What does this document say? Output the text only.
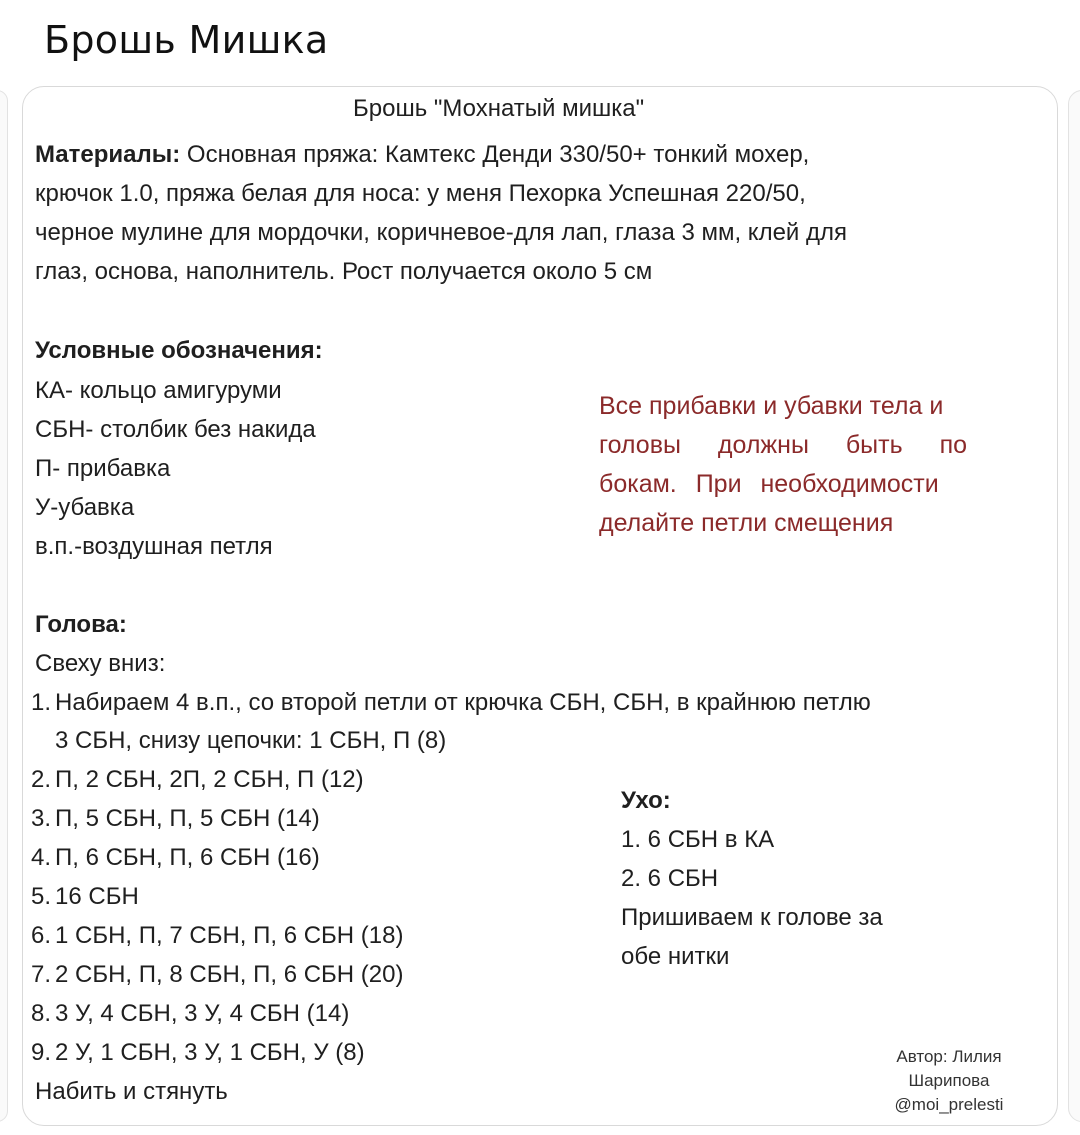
Брошь Мишка
Брошь "Мохнатый мишка"
Материалы: Основная пряжа: Камтекс Денди 330/50+ тонкий мохер,
крючок 1.0, пряжа белая для носа: у меня Пехорка Успешная 220/50,
черное мулине для мордочки, коричневое-для лап, глаза 3 мм, клей для
глаз, основа, наполнитель. Рост получается около 5 см
Условные обозначения:
КА- кольцо амигуруми
СБН- столбик без накида
П- прибавка
У-убавка
в.п.-воздушная петля
Все прибавки и убавки тела и
головы должны быть по
бокам. При необходимости
делайте петли смещения
Голова:
Свеху вниз:
1. Набираем 4 в.п., со второй петли от крючка СБН, СБН, в крайнюю петлю
3 СБН, снизу цепочки: 1 СБН, П (8)
2. П, 2 СБН, 2П, 2 СБН, П (12)
3. П, 5 СБН, П, 5 СБН (14)
4. П, 6 СБН, П, 6 СБН (16)
5. 16 СБН
6. 1 СБН, П, 7 СБН, П, 6 СБН (18)
7. 2 СБН, П, 8 СБН, П, 6 СБН (20)
8. 3 У, 4 СБН, 3 У, 4 СБН (14)
9. 2 У, 1 СБН, 3 У, 1 СБН, У (8)
Набить и стянуть
Ухо:
1. 6 СБН в КА
2. 6 СБН
Пришиваем к голове за
обе нитки
Автор: Лилия
Шарипова
@moi_prelesti
